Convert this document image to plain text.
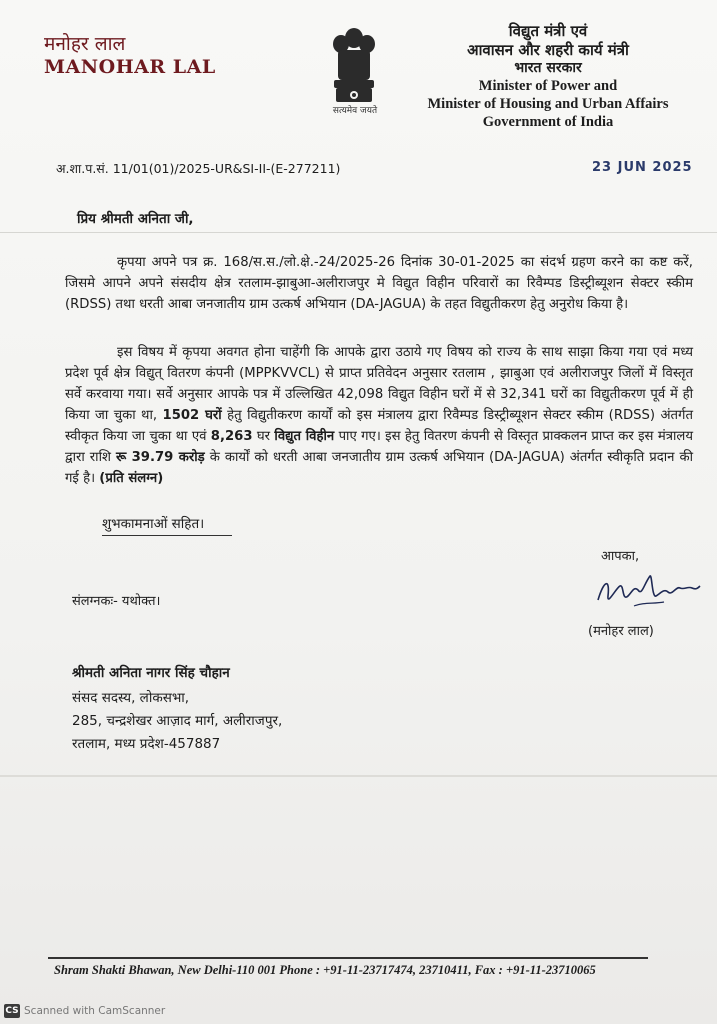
मनोहर लाल
MANOHAR LAL
सत्यमेव जयते
विद्युत मंत्री एवं
आवासन और शहरी कार्य मंत्री
भारत सरकार
Minister of Power and
Minister of Housing and Urban Affairs
Government of India
अ.शा.प.सं. 11/01(01)/2025-UR&SI-II-(E-277211)	23 JUN 2025
प्रिय श्रीमती अनिता जी,
कृपया अपने पत्र क्र. 168/स.स./लो.क्षे.-24/2025-26 दिनांक 30-01-2025 का संदर्भ ग्रहण करने का कष्ट करें, जिसमे आपने अपने संसदीय क्षेत्र रतलाम-झाबुआ-अलीराजपुर मे विद्युत विहीन परिवारों का रिवैम्पड डिस्ट्रीब्यूशन सेक्टर स्कीम (RDSS) तथा धरती आबा जनजातीय ग्राम उत्कर्ष अभियान (DA-JAGUA) के तहत विद्युतीकरण हेतु अनुरोध किया है।
इस विषय में कृपया अवगत होना चाहेंगी कि आपके द्वारा उठाये गए विषय को राज्य के साथ साझा किया गया एवं मध्य प्रदेश पूर्व क्षेत्र विद्युत् वितरण कंपनी (MPPKVVCL) से प्राप्त प्रतिवेदन अनुसार रतलाम , झाबुआ एवं अलीराजपुर जिलों में विस्तृत सर्वे करवाया गया। सर्वे अनुसार आपके पत्र में उल्लिखित 42,098 विद्युत विहीन घरों में से 32,341 घरों का विद्युतीकरण पूर्व में ही किया जा चुका था, 1502 घरों हेतु विद्युतीकरण कार्यों को इस मंत्रालय द्वारा रिवैम्पड डिस्ट्रीब्यूशन सेक्टर स्कीम (RDSS) अंतर्गत स्वीकृत किया जा चुका था एवं 8,263 घर विद्युत विहीन पाए गए। इस हेतु वितरण कंपनी से विस्तृत प्राक्कलन प्राप्त कर इस मंत्रालय द्वारा राशि रू 39.79 करोड़ के कार्यों को धरती आबा जनजातीय ग्राम उत्कर्ष अभियान (DA-JAGUA) अंतर्गत स्वीकृति प्रदान की गई है। (प्रति संलग्न)
शुभकामनाओं सहित।
आपका,
संलग्नकः- यथोक्त।
(मनोहर लाल)
श्रीमती अनिता नागर सिंह चौहान
संसद सदस्य, लोकसभा,
285, चन्द्रशेखर आज़ाद मार्ग, अलीराजपुर,
रतलाम, मध्य प्रदेश-457887
Shram Shakti Bhawan, New Delhi-110 001 Phone : +91-11-23717474, 23710411, Fax : +91-11-23710065
CS Scanned with CamScanner
